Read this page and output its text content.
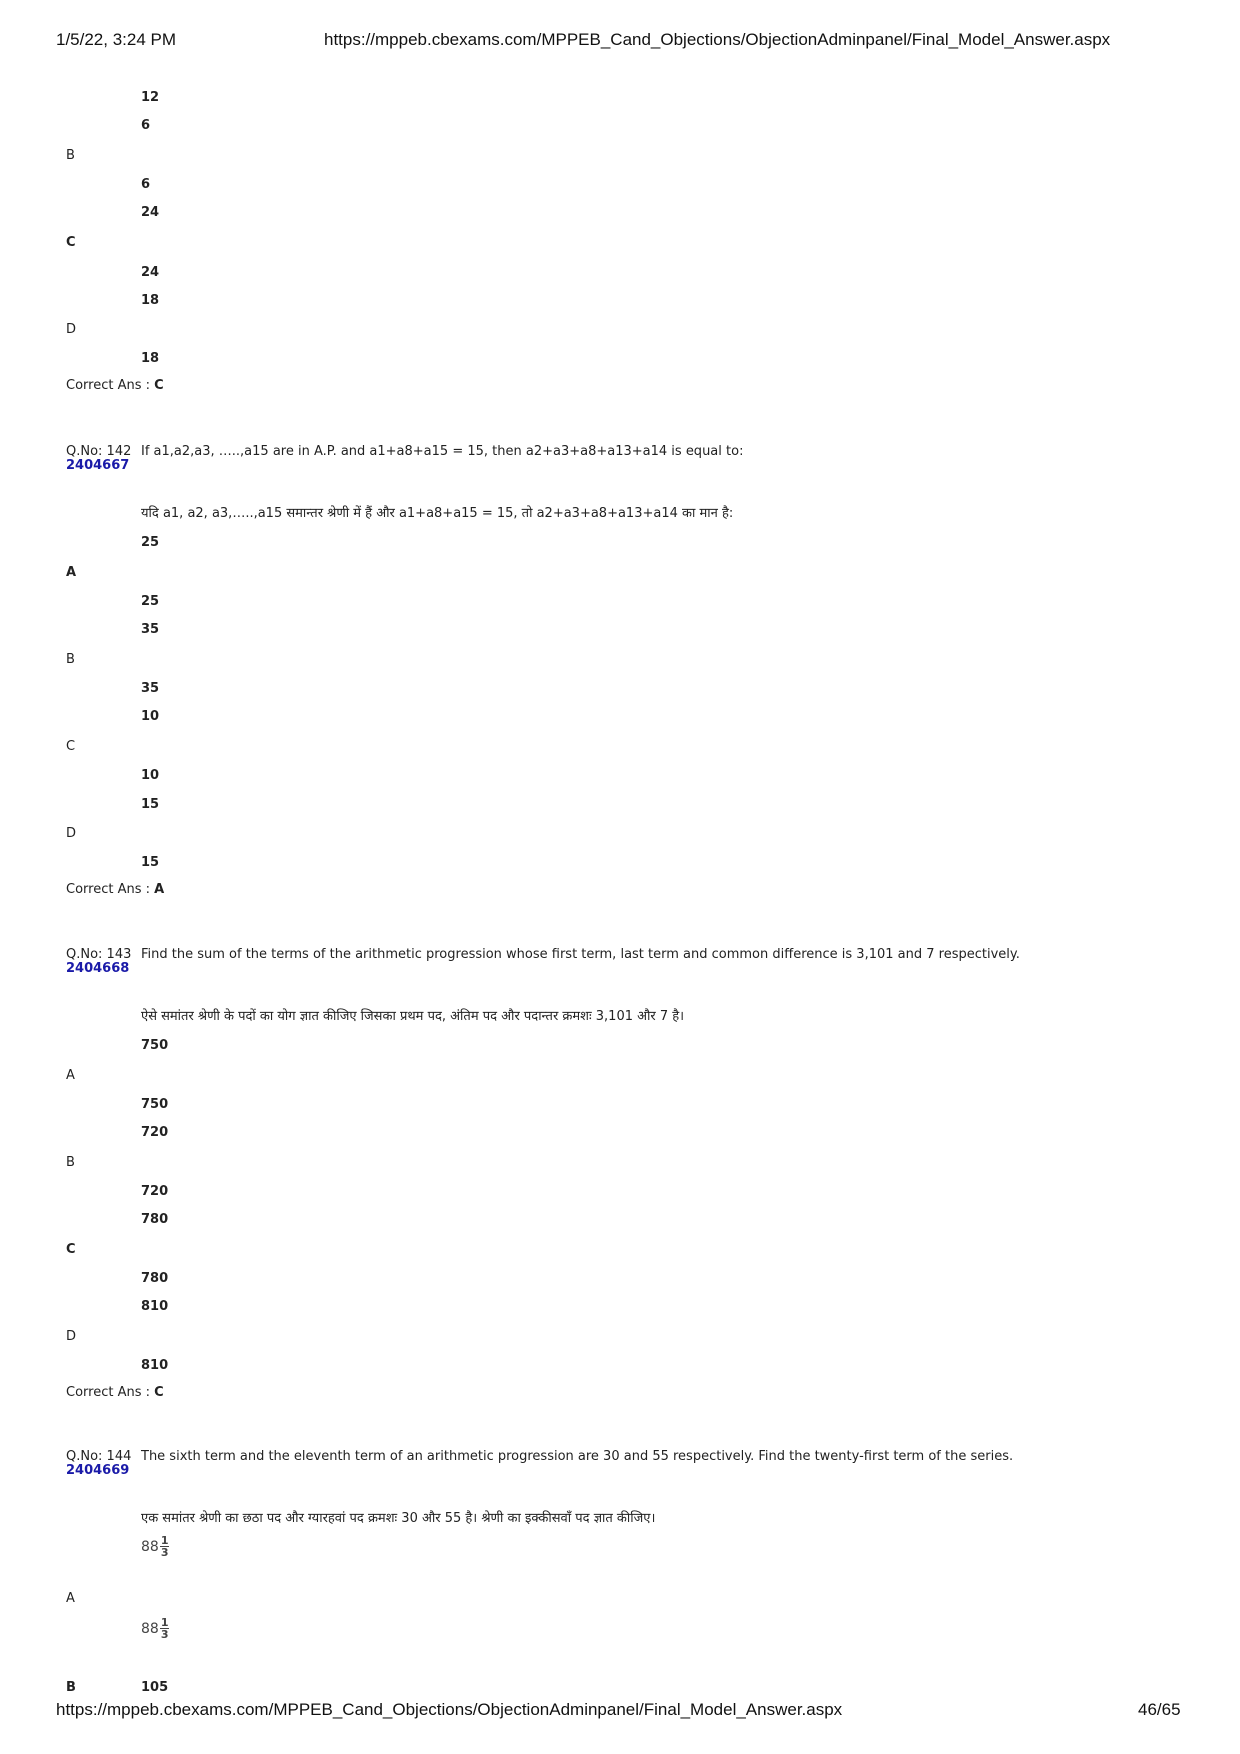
1/5/22, 3:24 PM	https://mppeb.cbexams.com/MPPEB_Cand_Objections/ObjectionAdminpanel/Final_Model_Answer.aspx
12
6
B
6
24
C
24
18
D
18
Correct Ans : C
Q.No: 142
2404667
If a1,a2,a3, …..,a15 are in A.P. and a1+a8+a15 = 15, then a2+a3+a8+a13+a14 is equal to:
यदि a1, a2, a3,…..,a15 समान्तर श्रेणी में हैं और a1+a8+a15 = 15, तो a2+a3+a8+a13+a14 का मान है:
25
A
25
35
B
35
10
C
10
15
D
15
Correct Ans : A
Q.No: 143
2404668
Find the sum of the terms of the arithmetic progression whose first term, last term and common difference is 3,101 and 7 respectively.
ऐसे समांतर श्रेणी के पदों का योग ज्ञात कीजिए जिसका प्रथम पद, अंतिम पद और पदान्तर क्रमशः 3,101 और 7 है।
750
A
750
720
B
720
780
C
780
810
D
810
Correct Ans : C
Q.No: 144
2404669
The sixth term and the eleventh term of an arithmetic progression are 30 and 55 respectively. Find the twenty-first term of the series.
एक समांतर श्रेणी का छठा पद और ग्यारहवां पद क्रमशः 30 और 55 है। श्रेणी का इक्कीसवाँ पद ज्ञात कीजिए।
$88 \frac{1}{3}$
A
$88 \frac{1}{3}$
B	105
https://mppeb.cbexams.com/MPPEB_Cand_Objections/ObjectionAdminpanel/Final_Model_Answer.aspx	46/65
